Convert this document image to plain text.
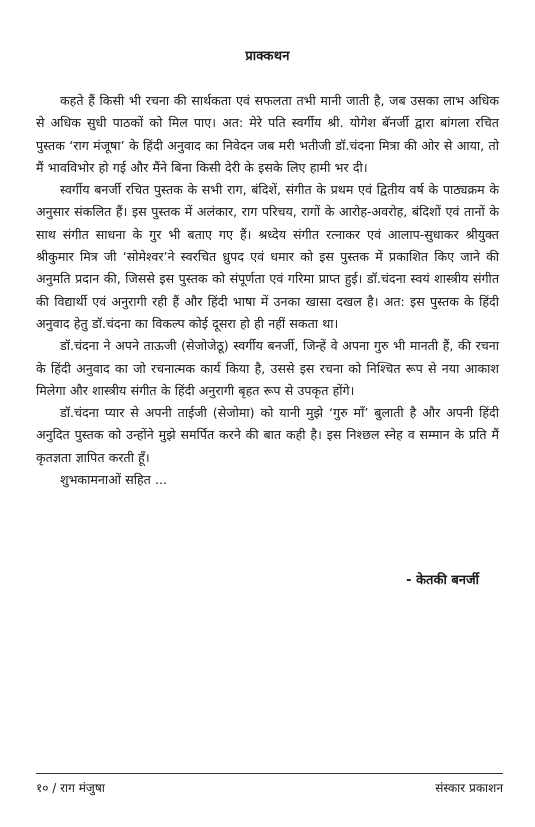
प्राक्कथन

कहते हैं किसी भी रचना की सार्थकता एवं सफलता तभी मानी जाती है, जब उसका लाभ अधिक से अधिक सुधी पाठकों को मिल पाए। अत: मेरे पति स्वर्गीय श्री. योगेश बॅनर्जी द्वारा बांगला रचित पुस्तक ‘राग मंजूषा’ के हिंदी अनुवाद का निवेदन जब मरी भतीजी डॉ.चंदना मित्रा की ओर से आया, तो मैं भावविभोर हो गई और मैंने बिना किसी देरी के इसके लिए हामी भर दी।

स्वर्गीय बनर्जी रचित पुस्तक के सभी राग, बंदिशें, संगीत के प्रथम एवं द्वितीय वर्ष के पाठ्यक्रम के अनुसार संकलित हैं। इस पुस्तक में अलंकार, राग परिचय, रागों के आरोह-अवरोह, बंदिशों एवं तानों के साथ संगीत साधना के गुर भी बताए गए हैं। श्रध्देय संगीत रत्नाकर एवं आलाप-सुधाकर श्रीयुक्त श्रीकुमार मित्र जी ‘सोमेश्वर’ने स्वरचित ध्रुपद एवं धमार को इस पुस्तक में प्रकाशित किए जाने की अनुमति प्रदान की, जिससे इस पुस्तक को संपूर्णता एवं गरिमा प्राप्त हुई। डॉ.चंदना स्वयं शास्त्रीय संगीत की विद्यार्थी एवं अनुरागी रही हैं और हिंदी भाषा में उनका खासा दखल है। अत: इस पुस्तक के हिंदी अनुवाद हेतु डॉ.चंदना का विकल्प कोई दूसरा हो ही नहीं सकता था।

डॉ.चंदना ने अपने ताऊजी (सेजोजेठू) स्वर्गीय बनर्जी, जिन्हें वे अपना गुरु भी मानती हैं, की रचना के हिंदी अनुवाद का जो रचनात्मक कार्य किया है, उससे इस रचना को निश्चित रूप से नया आकाश मिलेगा और शास्त्रीय संगीत के हिंदी अनुरागी बृहत रूप से उपकृत होंगे।

डॉ.चंदना प्यार से अपनी ताईजी (सेजोमा) को यानी मुझे ‘गुरु माँ’ बुलाती है और अपनी हिंदी अनुदित पुस्तक को उन्होंने मुझे समर्पित करने की बात कही है। इस निश्छल स्नेह व सम्मान के प्रति मैं कृतज्ञता ज्ञापित करती हूँ।

शुभकामनाओं सहित ...

- केतकी बनर्जी
१० / राग मंजुषा	संस्कार प्रकाशन
